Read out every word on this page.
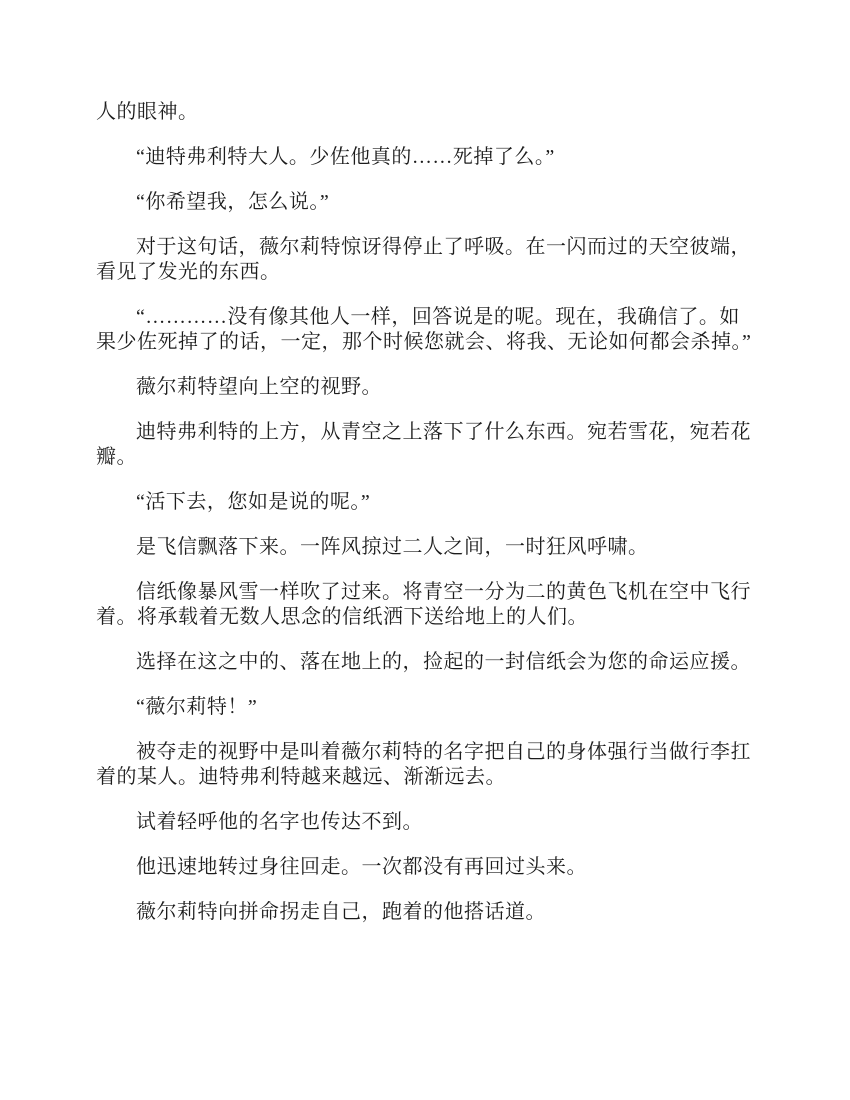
人的眼神。

“迪特弗利特大人。少佐他真的……死掉了么。”

“你希望我，怎么说。”

对于这句话，薇尔莉特惊讶得停止了呼吸。在一闪而过的天空彼端，看见了发光的东西。

“…………没有像其他人一样，回答说是的呢。现在，我确信了。如果少佐死掉了的话，一定，那个时候您就会、将我、无论如何都会杀掉。”

薇尔莉特望向上空的视野。

迪特弗利特的上方，从青空之上落下了什么东西。宛若雪花，宛若花瓣。

“活下去，您如是说的呢。”

是飞信飘落下来。一阵风掠过二人之间，一时狂风呼啸。

信纸像暴风雪一样吹了过来。将青空一分为二的黄色飞机在空中飞行着。将承载着无数人思念的信纸洒下送给地上的人们。

选择在这之中的、落在地上的，捡起的一封信纸会为您的命运应援。

“薇尔莉特！”

被夺走的视野中是叫着薇尔莉特的名字把自己的身体强行当做行李扛着的某人。迪特弗利特越来越远、渐渐远去。

试着轻呼他的名字也传达不到。

他迅速地转过身往回走。一次都没有再回过头来。

薇尔莉特向拼命拐走自己，跑着的他搭话道。
